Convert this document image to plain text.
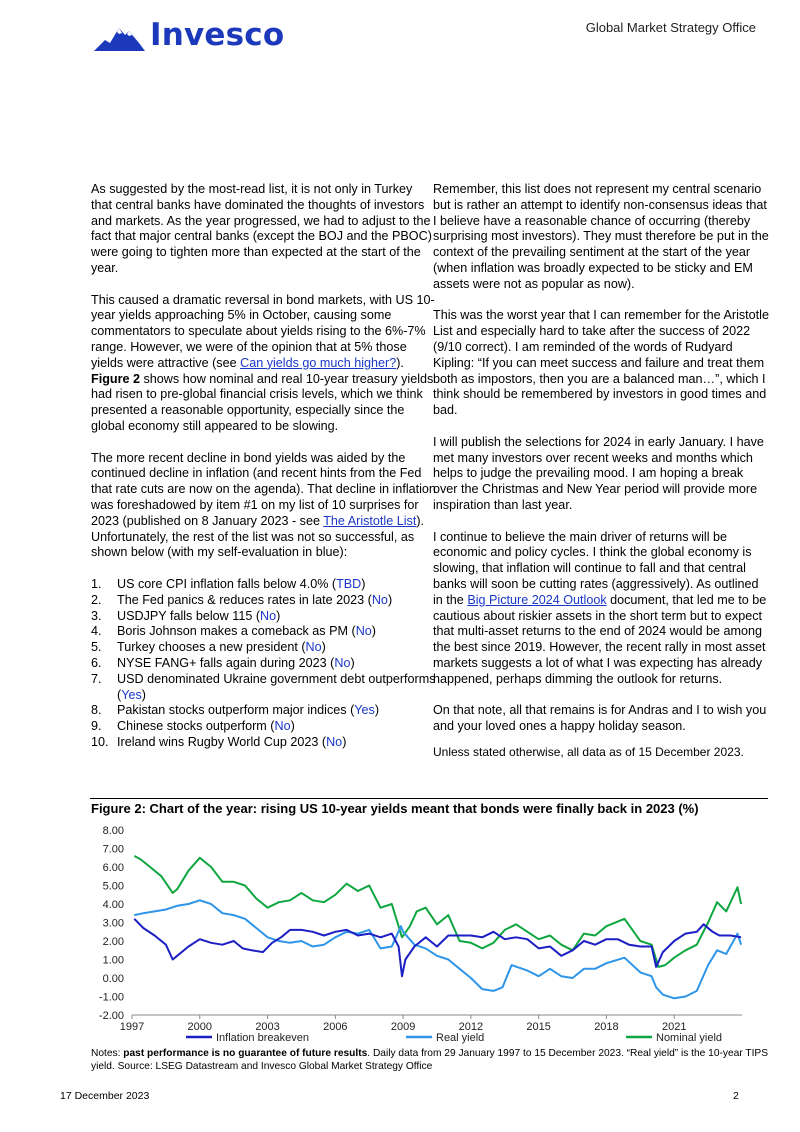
Invesco	Global Market Strategy Office

As suggested by the most-read list, it is not only in Turkey that central banks have dominated the thoughts of investors and markets. As the year progressed, we had to adjust to the fact that major central banks (except the BOJ and the PBOC) were going to tighten more than expected at the start of the year.

This caused a dramatic reversal in bond markets, with US 10-year yields approaching 5% in October, causing some commentators to speculate about yields rising to the 6%-7% range. However, we were of the opinion that at 5% those yields were attractive (see Can yields go much higher?). Figure 2 shows how nominal and real 10-year treasury yields had risen to pre-global financial crisis levels, which we think presented a reasonable opportunity, especially since the global economy still appeared to be slowing.

The more recent decline in bond yields was aided by the continued decline in inflation (and recent hints from the Fed that rate cuts are now on the agenda). That decline in inflation was foreshadowed by item #1 on my list of 10 surprises for 2023 (published on 8 January 2023 - see The Aristotle List). Unfortunately, the rest of the list was not so successful, as shown below (with my self-evaluation in blue):

1. US core CPI inflation falls below 4.0% (TBD)
2. The Fed panics & reduces rates in late 2023 (No)
3. USDJPY falls below 115 (No)
4. Boris Johnson makes a comeback as PM (No)
5. Turkey chooses a new president (No)
6. NYSE FANG+ falls again during 2023 (No)
7. USD denominated Ukraine government debt outperforms (Yes)
8. Pakistan stocks outperform major indices (Yes)
9. Chinese stocks outperform (No)
10. Ireland wins Rugby World Cup 2023 (No)

Remember, this list does not represent my central scenario but is rather an attempt to identify non-consensus ideas that I believe have a reasonable chance of occurring (thereby surprising most investors). They must therefore be put in the context of the prevailing sentiment at the start of the year (when inflation was broadly expected to be sticky and EM assets were not as popular as now).

This was the worst year that I can remember for the Aristotle List and especially hard to take after the success of 2022 (9/10 correct). I am reminded of the words of Rudyard Kipling: “If you can meet success and failure and treat them both as impostors, then you are a balanced man…”, which I think should be remembered by investors in good times and bad.

I will publish the selections for 2024 in early January. I have met many investors over recent weeks and months which helps to judge the prevailing mood. I am hoping a break over the Christmas and New Year period will provide more inspiration than last year.

I continue to believe the main driver of returns will be economic and policy cycles. I think the global economy is slowing, that inflation will continue to fall and that central banks will soon be cutting rates (aggressively). As outlined in the Big Picture 2024 Outlook document, that led me to be cautious about riskier assets in the short term but to expect that multi-asset returns to the end of 2024 would be among the best since 2019. However, the recent rally in most asset markets suggests a lot of what I was expecting has already happened, perhaps dimming the outlook for returns.

On that note, all that remains is for Andras and I to wish you and your loved ones a happy holiday season.

Unless stated otherwise, all data as of 15 December 2023.

Figure 2: Chart of the year: rising US 10-year yields meant that bonds were finally back in 2023 (%)
8.00
7.00
6.00
5.00
4.00
3.00
2.00
1.00
0.00
-1.00
-2.00
1997	2000	2003	2006	2009	2012	2015	2018	2021
Inflation breakeven	Real yield	Nominal yield
Notes: past performance is no guarantee of future results. Daily data from 29 January 1997 to 15 December 2023. “Real yield” is the 10-year TIPS yield. Source: LSEG Datastream and Invesco Global Market Strategy Office
17 December 2023	2
